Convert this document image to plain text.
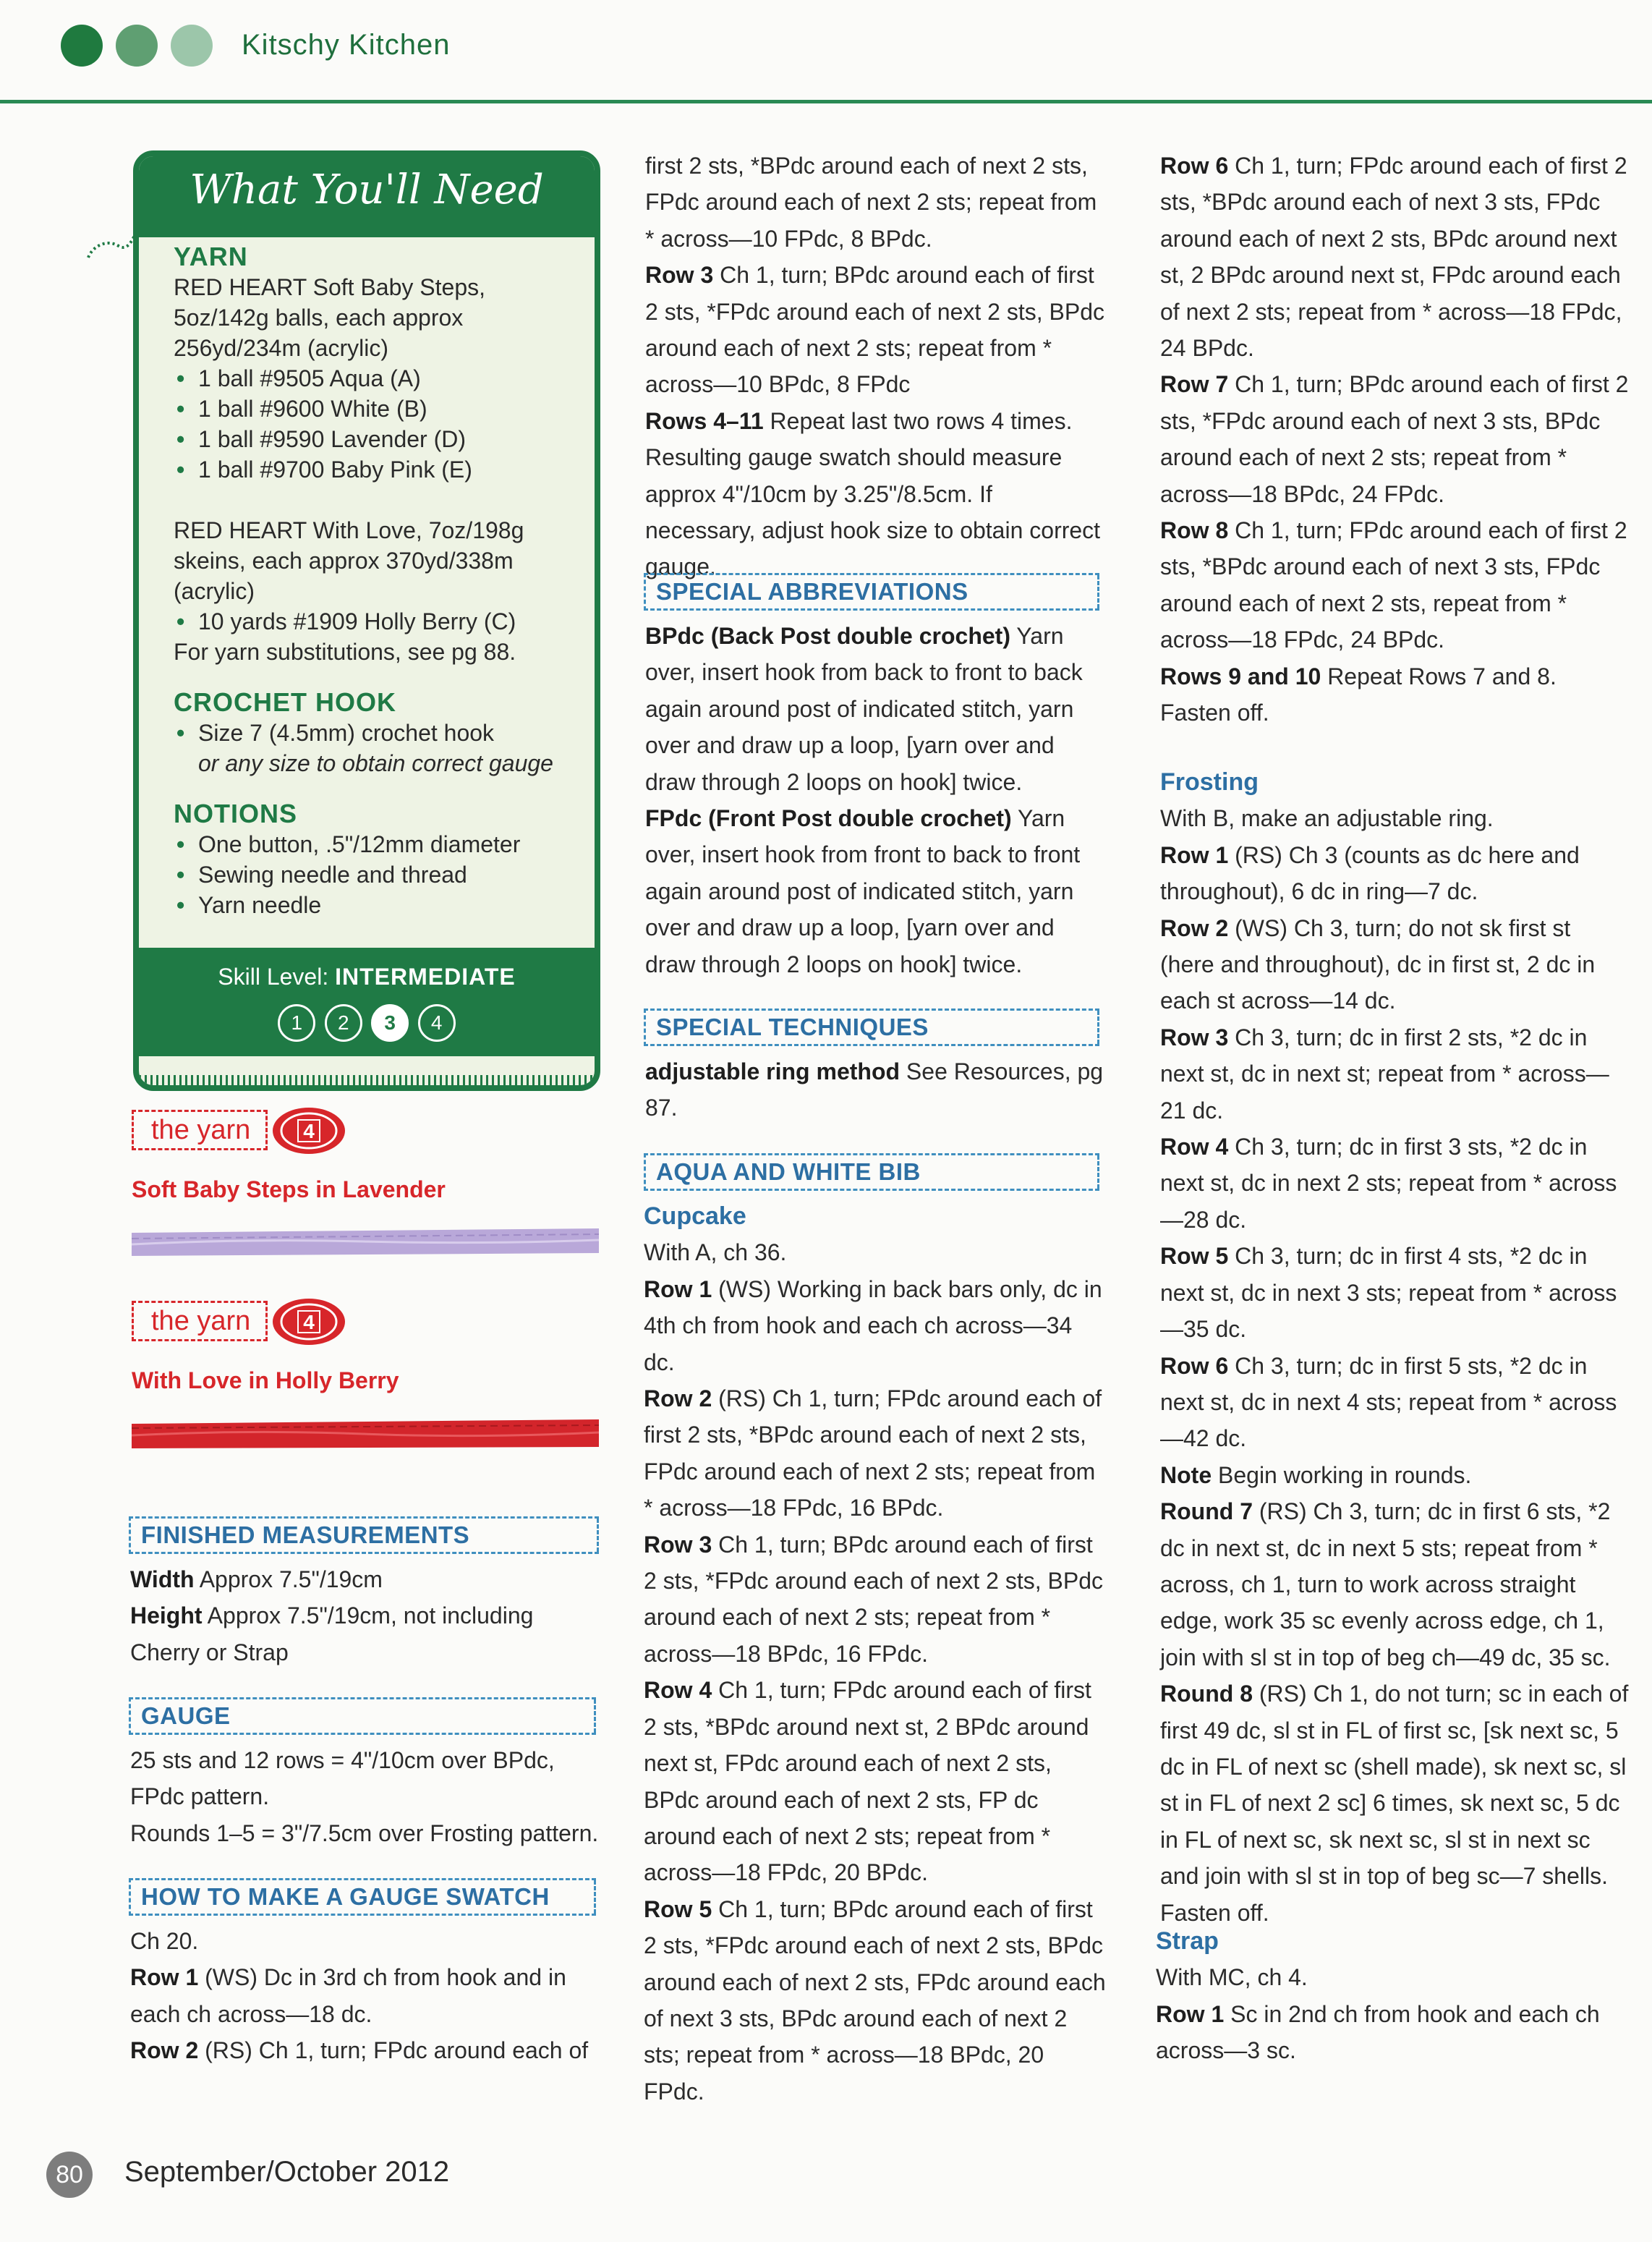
Kitschy Kitchen
What You'll Need
YARN

RED HEART Soft Baby Steps, 5oz/142g balls, each approx 256yd/234m (acrylic)

• 1 ball #9505 Aqua (A)
• 1 ball #9600 White (B)
• 1 ball #9590 Lavender (D)
• 1 ball #9700 Baby Pink (E)

RED HEART With Love, 7oz/198g skeins, each approx 370yd/338m (acrylic)

• 10 yards #1909 Holly Berry (C)

For yarn substitutions, see pg 88.

CROCHET HOOK
• Size 7 (4.5mm) crochet hook

or any size to obtain correct gauge

NOTIONS
• One button, .5"/12mm diameter
• Sewing needle and thread
• Yarn needle
Skill Level: INTERMEDIATE
1 2 3 4
the yarn	4
Soft Baby Steps in Lavender
the yarn	4
With Love in Holly Berry
FINISHED MEASUREMENTS

Width Approx 7.5"/19cm

Height Approx 7.5"/19cm, not including Cherry or Strap

GAUGE

25 sts and 12 rows = 4"/10cm over BPdc, FPdc pattern.

Rounds 1–5 = 3"/7.5cm over Frosting pattern.

HOW TO MAKE A GAUGE SWATCH

Ch 20.

Row 1 (WS) Dc in 3rd ch from hook and in each ch across—18 dc.

Row 2 (RS) Ch 1, turn; FPdc around each of

first 2 sts, *BPdc around each of next 2 sts, FPdc around each of next 2 sts; repeat from * across—10 FPdc, 8 BPdc.

Row 3 Ch 1, turn; BPdc around each of first 2 sts, *FPdc around each of next 2 sts, BPdc around each of next 2 sts; repeat from * across—10 BPdc, 8 FPdc

Rows 4–11 Repeat last two rows 4 times. Resulting gauge swatch should measure approx 4"/10cm by 3.25"/8.5cm. If necessary, adjust hook size to obtain correct gauge.

SPECIAL ABBREVIATIONS

BPdc (Back Post double crochet) Yarn over, insert hook from back to front to back again around post of indicated stitch, yarn over and draw up a loop, [yarn over and draw through 2 loops on hook] twice.

FPdc (Front Post double crochet) Yarn over, insert hook from front to back to front again around post of indicated stitch, yarn over and draw up a loop, [yarn over and draw through 2 loops on hook] twice.

SPECIAL TECHNIQUES

adjustable ring method See Resources, pg 87.

AQUA AND WHITE BIB

Cupcake

With A, ch 36.

Row 1 (WS) Working in back bars only, dc in 4th ch from hook and each ch across—34 dc.

Row 2 (RS) Ch 1, turn; FPdc around each of first 2 sts, *BPdc around each of next 2 sts, FPdc around each of next 2 sts; repeat from * across—18 FPdc, 16 BPdc.

Row 3 Ch 1, turn; BPdc around each of first 2 sts, *FPdc around each of next 2 sts, BPdc around each of next 2 sts; repeat from * across—18 BPdc, 16 FPdc.

Row 4 Ch 1, turn; FPdc around each of first 2 sts, *BPdc around next st, 2 BPdc around next st, FPdc around each of next 2 sts, BPdc around each of next 2 sts, FP dc around each of next 2 sts; repeat from * across—18 FPdc, 20 BPdc.

Row 5 Ch 1, turn; BPdc around each of first 2 sts, *FPdc around each of next 2 sts, BPdc around each of next 2 sts, FPdc around each of next 3 sts, BPdc around each of next 2 sts; repeat from * across—18 BPdc, 20 FPdc.

Row 6 Ch 1, turn; FPdc around each of first 2 sts, *BPdc around each of next 3 sts, FPdc around each of next 2 sts, BPdc around next st, 2 BPdc around next st, FPdc around each of next 2 sts; repeat from * across—18 FPdc, 24 BPdc.

Row 7 Ch 1, turn; BPdc around each of first 2 sts, *FPdc around each of next 3 sts, BPdc around each of next 2 sts; repeat from * across—18 BPdc, 24 FPdc.

Row 8 Ch 1, turn; FPdc around each of first 2 sts, *BPdc around each of next 3 sts, FPdc around each of next 2 sts, repeat from * across—18 FPdc, 24 BPdc.

Rows 9 and 10 Repeat Rows 7 and 8. Fasten off.

Frosting

With B, make an adjustable ring.

Row 1 (RS) Ch 3 (counts as dc here and throughout), 6 dc in ring—7 dc.

Row 2 (WS) Ch 3, turn; do not sk first st (here and throughout), dc in first st, 2 dc in each st across—14 dc.

Row 3 Ch 3, turn; dc in first 2 sts, *2 dc in next st, dc in next st; repeat from * across—21 dc.

Row 4 Ch 3, turn; dc in first 3 sts, *2 dc in next st, dc in next 2 sts; repeat from * across—28 dc.

Row 5 Ch 3, turn; dc in first 4 sts, *2 dc in next st, dc in next 3 sts; repeat from * across—35 dc.

Row 6 Ch 3, turn; dc in first 5 sts, *2 dc in next st, dc in next 4 sts; repeat from * across—42 dc.

Note Begin working in rounds.

Round 7 (RS) Ch 3, turn; dc in first 6 sts, *2 dc in next st, dc in next 5 sts; repeat from * across, ch 1, turn to work across straight edge, work 35 sc evenly across edge, ch 1, join with sl st in top of beg ch—49 dc, 35 sc.

Round 8 (RS) Ch 1, do not turn; sc in each of first 49 dc, sl st in FL of first sc, [sk next sc, 5 dc in FL of next sc (shell made), sk next sc, sl st in FL of next 2 sc] 6 times, sk next sc, 5 dc in FL of next sc, sk next sc, sl st in next sc and join with sl st in top of beg sc—7 shells. Fasten off.

Strap

With MC, ch 4.

Row 1 Sc in 2nd ch from hook and each ch across—3 sc.

80	September/October 2012
